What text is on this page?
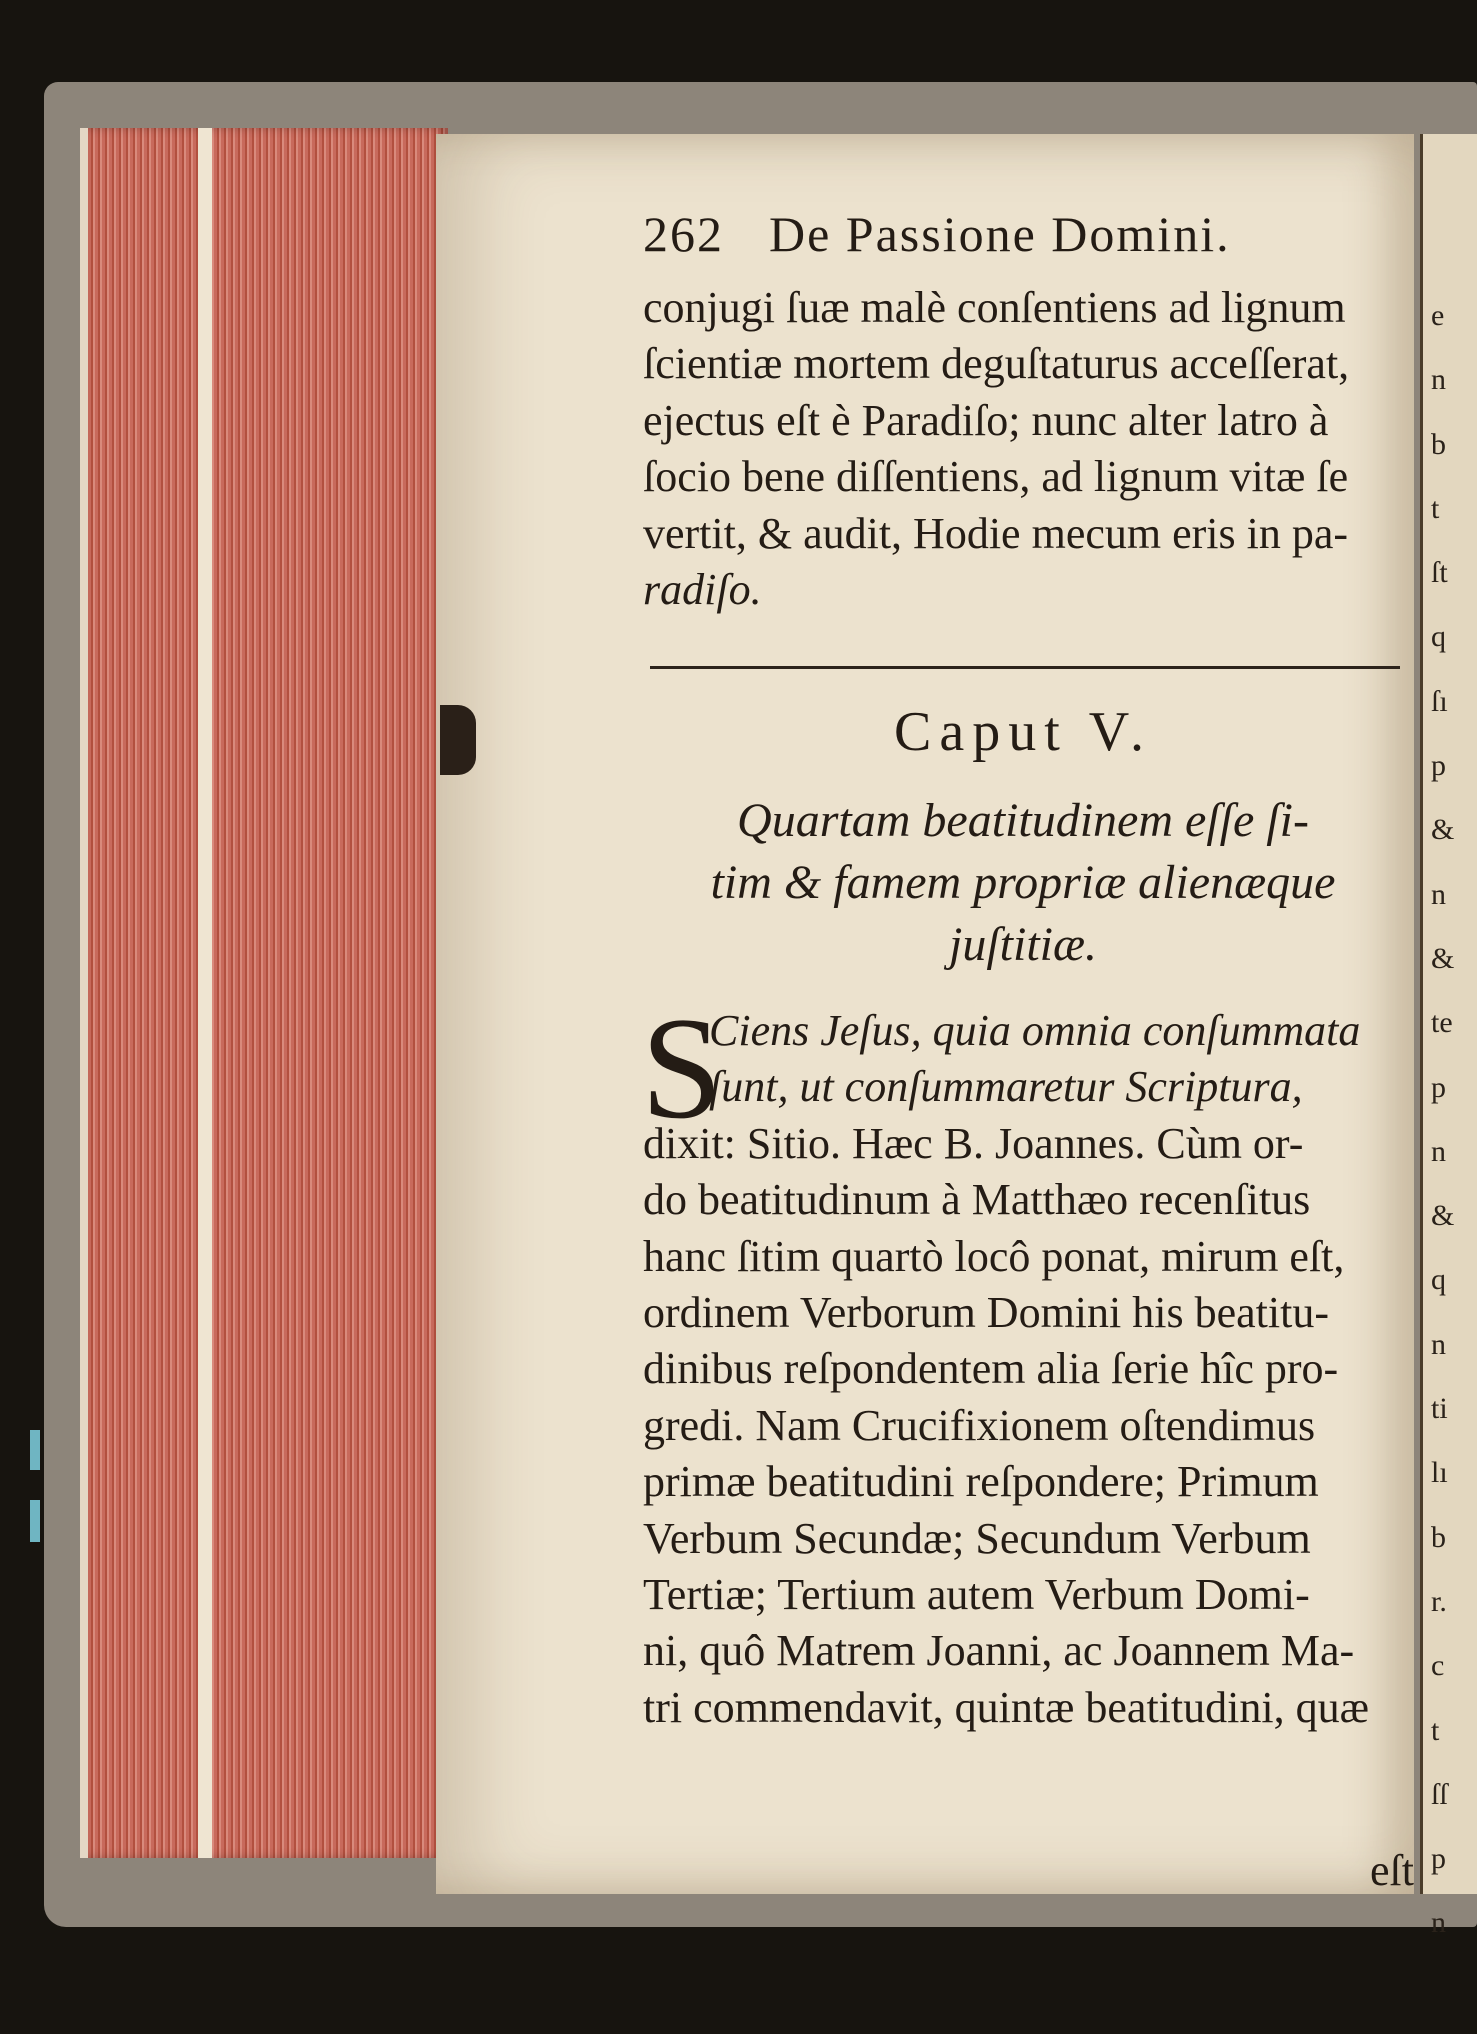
e
n
b
t
ſt
q
ſı
p
&
n
&
te
p
n
&
q
n
ti
lı
b
r.
c
t
ſſ
p
n
262 De Passione Domini.

conjugi ſuæ malè conſentiens ad lignum
ſcientiæ mortem deguſtaturus acceſſerat,
ejectus eſt è Paradiſo; nunc alter latro à
ſocio bene diſſentiens, ad lignum vitæ ſe
vertit, & audit, Hodie mecum eris in pa-
radiſo.

Caput V.

Quartam beatitudinem eſſe ſi-
tim & famem propriæ alienæque
juſtitiæ.

S

Ciens Jeſus, quia omnia conſummata
ſunt, ut conſummaretur Scriptura,
dixit: Sitio. Hæc B. Joannes. Cùm or-
do beatitudinum à Matthæo recenſitus
hanc ſitim quartò locô ponat, mirum eſt,
ordinem Verborum Domini his beatitu-
dinibus reſpondentem alia ſerie hîc pro-
gredi. Nam Crucifixionem oſtendimus
primæ beatitudini reſpondere; Primum
Verbum Secundæ; Secundum Verbum
Tertiæ; Tertium autem Verbum Domi-
ni, quô Matrem Joanni, ac Joannem Ma-
tri commendavit, quintæ beatitudini, quæ

eſt
